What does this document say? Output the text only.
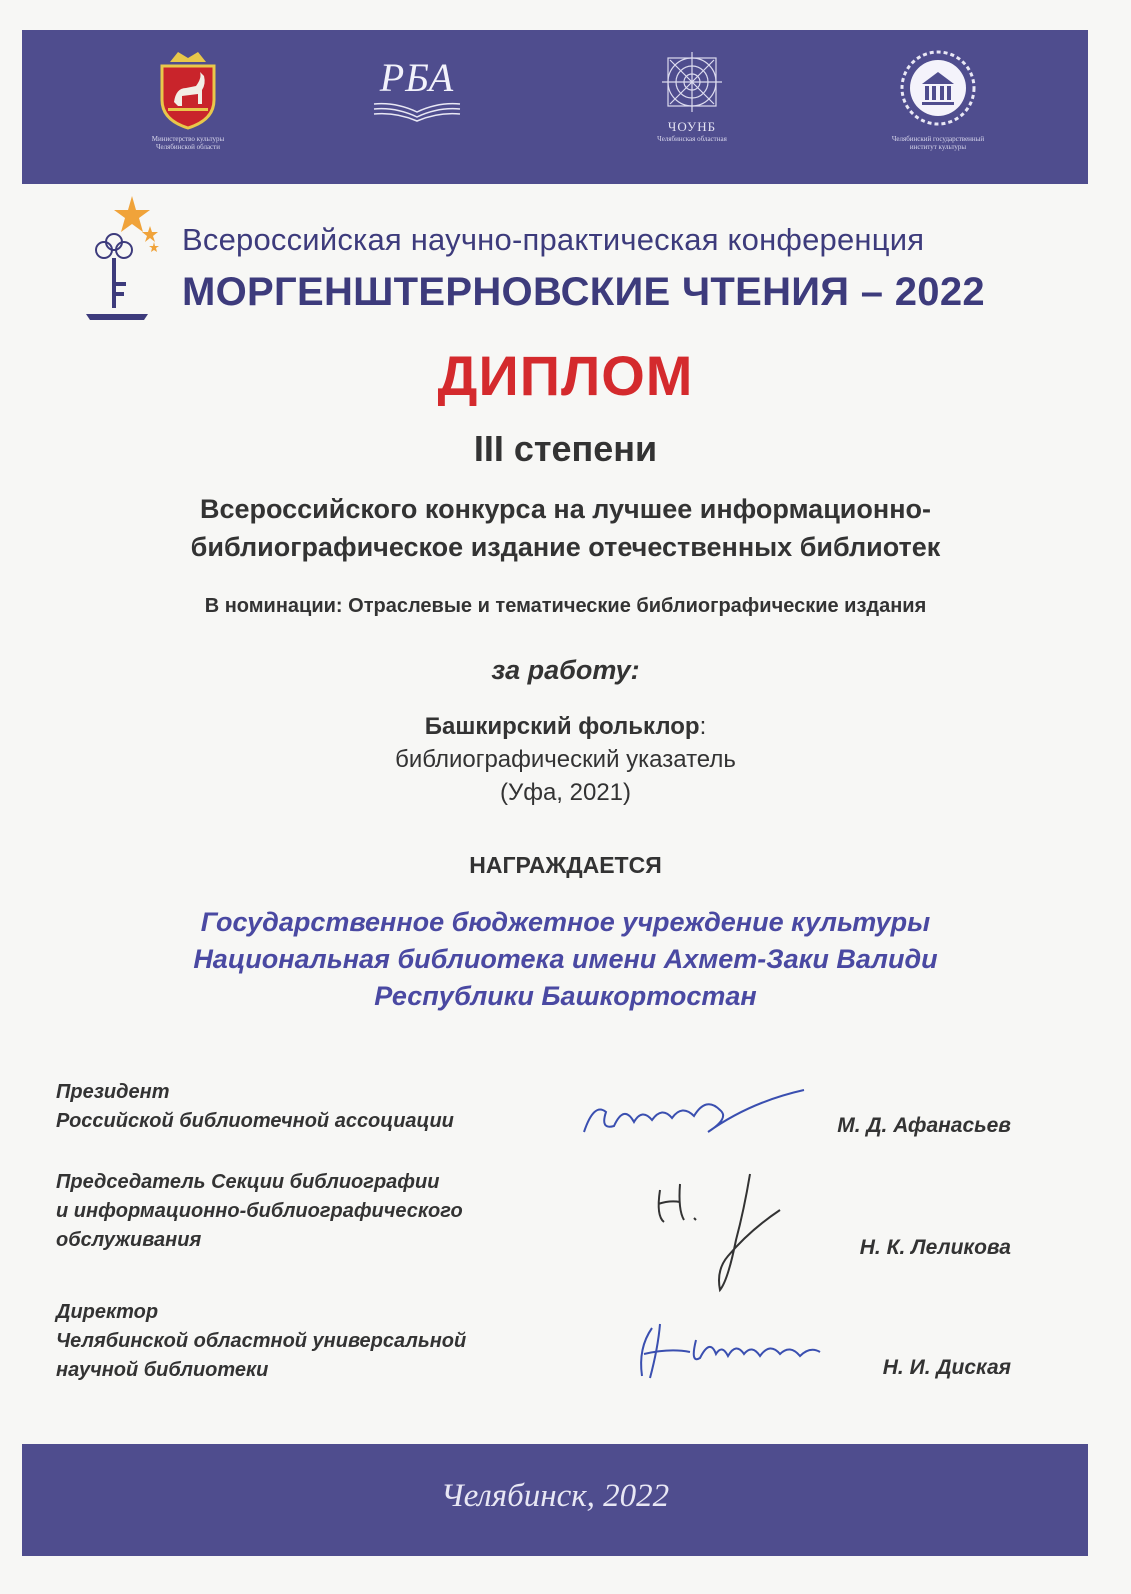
Министерство культуры Челябинской области
РБА
ЧОУНБ
Челябинская областная	Челябинский государственный институт культуры
Всероссийская научно-практическая конференция
МОРГЕНШТЕРНОВСКИЕ ЧТЕНИЯ – 2022
ДИПЛОМ
III степени
Всероссийского конкурса на лучшее информационно-
библиографическое издание отечественных библиотек
В номинации: Отраслевые и тематические библиографические издания
за работу:
Башкирский фольклор:
библиографический указатель
(Уфа, 2021)
НАГРАЖДАЕТСЯ
Государственное бюджетное учреждение культуры
Национальная библиотека имени Ахмет-Заки Валиди
Республики Башкортостан
Президент
Российской библиотечной ассоциации	М. Д. Афанасьев
Председатель Секции библиографии
и информационно-библиографического
обслуживания	Н. К. Леликова
Директор
Челябинской областной универсальной
научной библиотеки	Н. И. Диская
Челябинск, 2022
